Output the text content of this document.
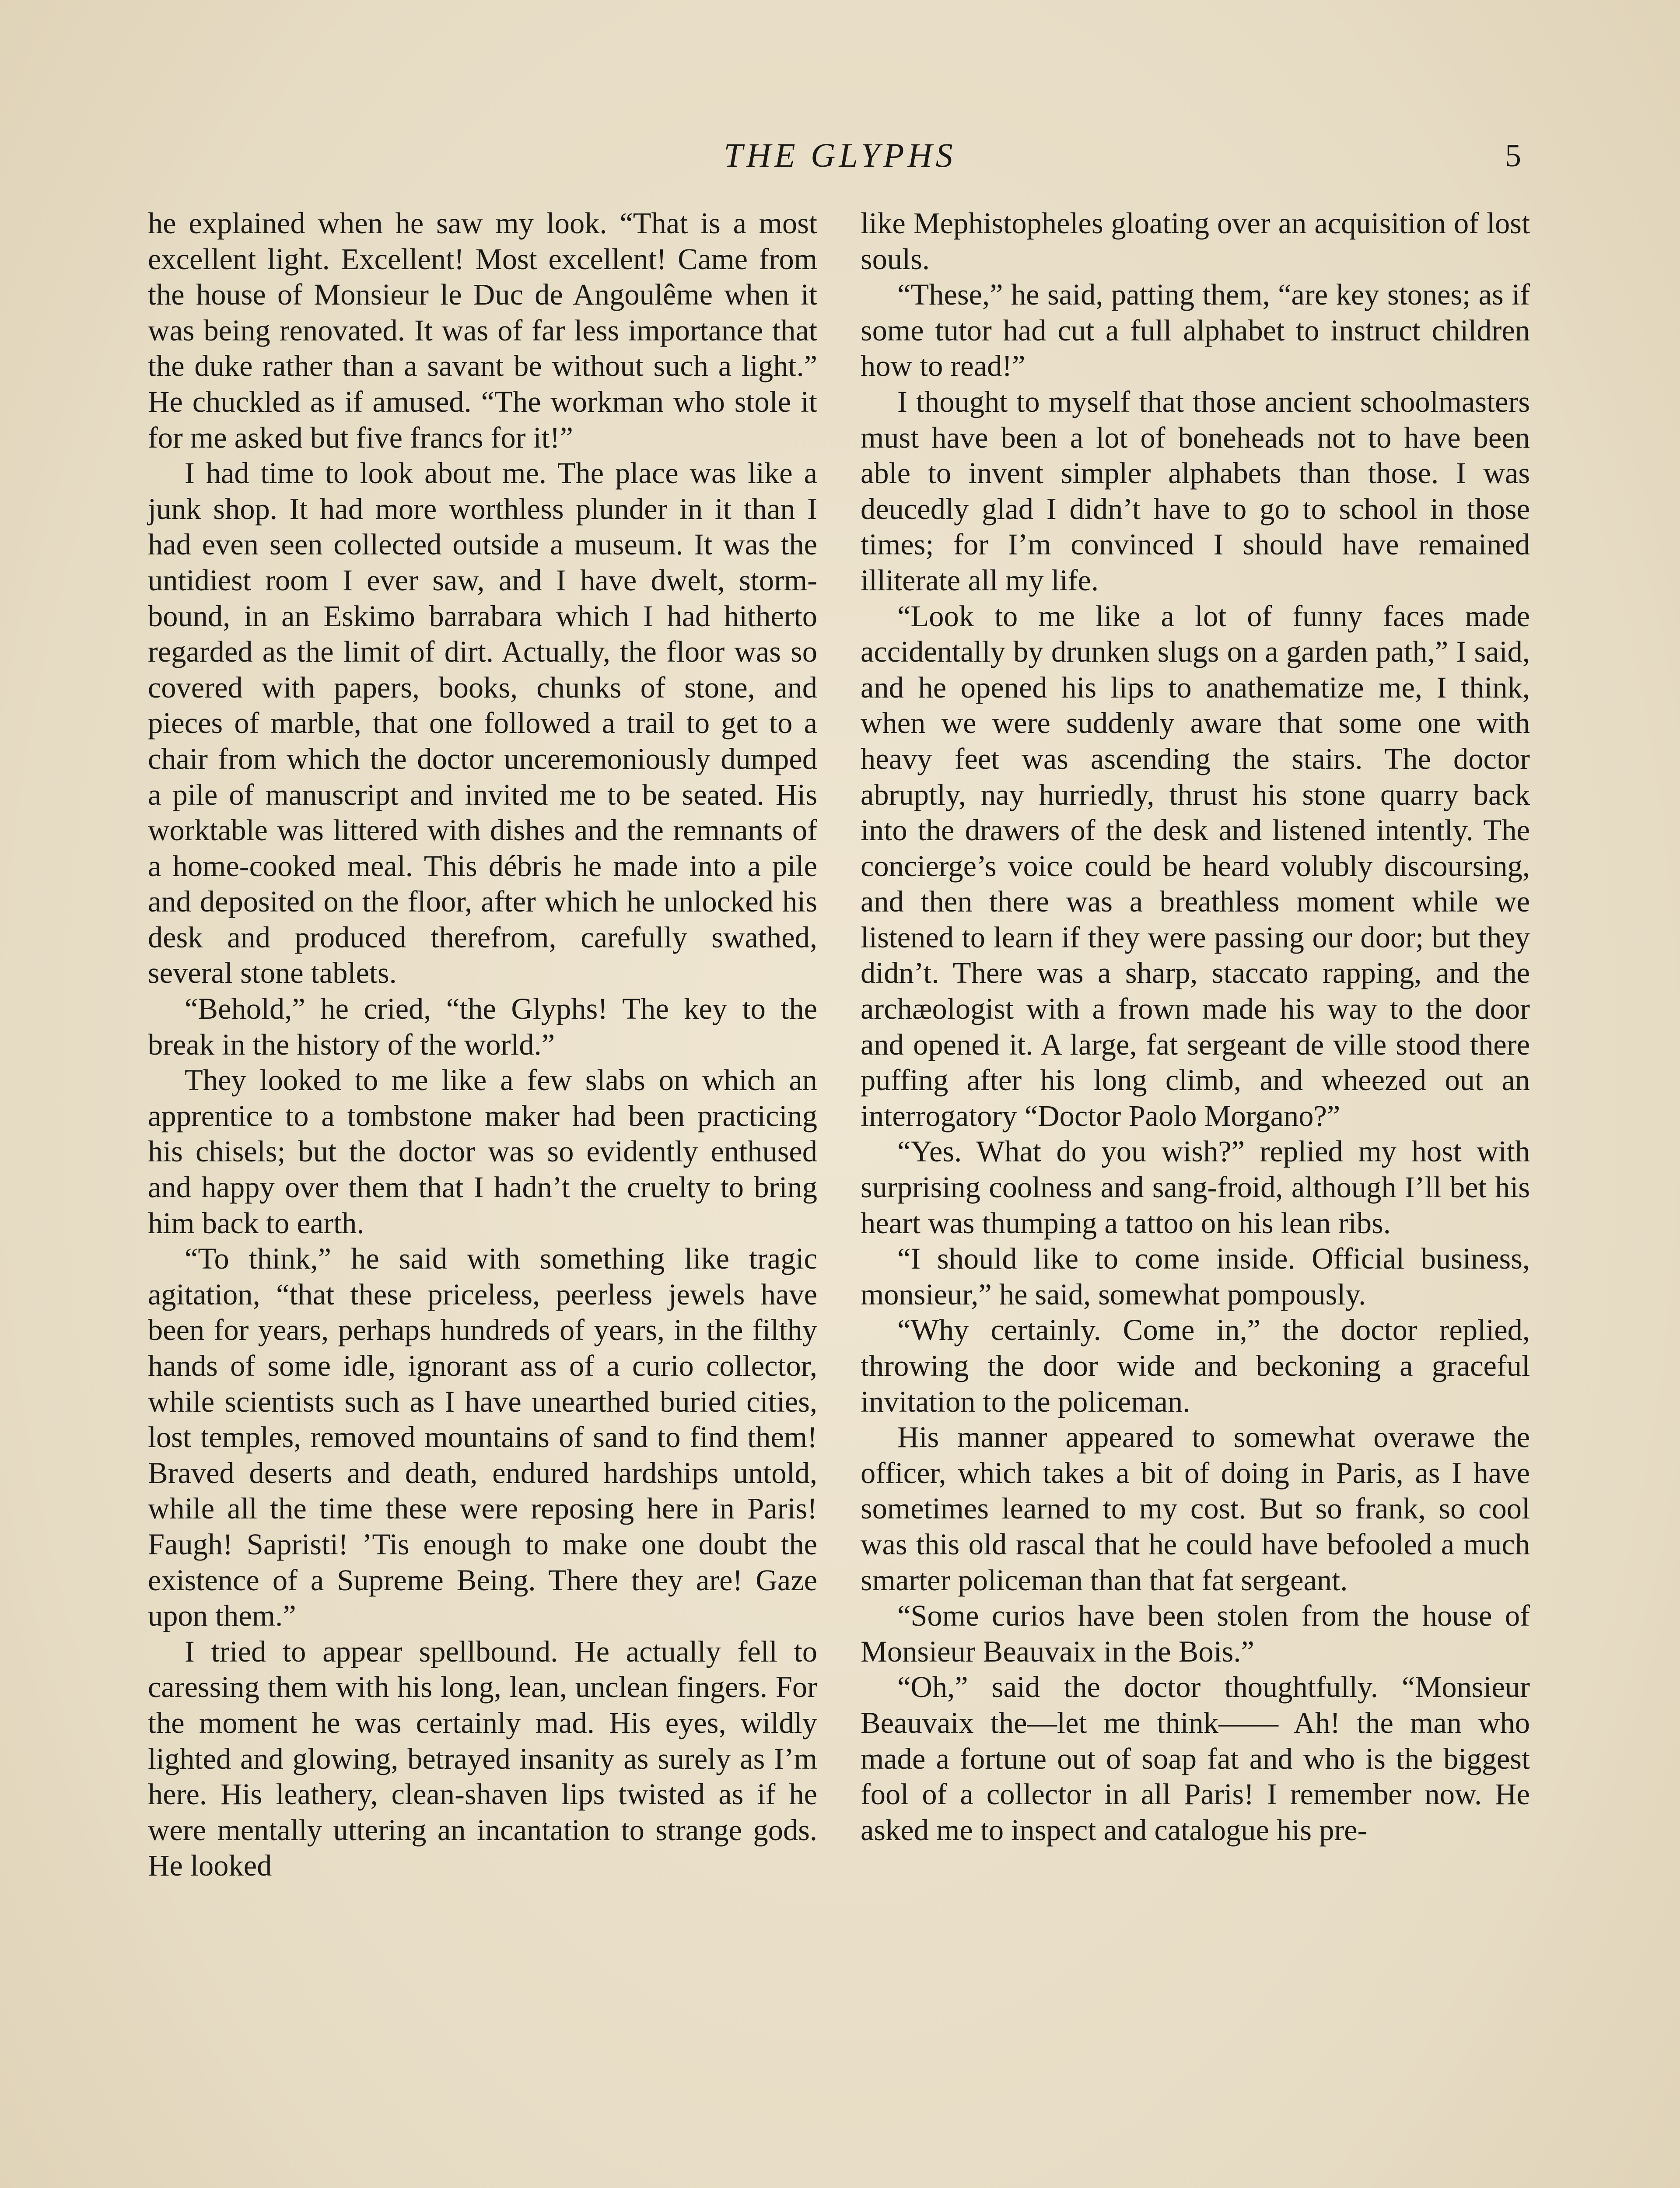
THE GLYPHS	5

he explained when he saw my look. “That is a most excellent light. Excellent! Most excellent! Came from the house of Monsieur le Duc de Angoulême when it was being renovated. It was of far less importance that the duke rather than a savant be without such a light.” He chuckled as if amused. “The workman who stole it for me asked but five francs for it!”

I had time to look about me. The place was like a junk shop. It had more worthless plunder in it than I had even seen collected outside a museum. It was the untidiest room I ever saw, and I have dwelt, storm-bound, in an Eskimo barrabara which I had hitherto regarded as the limit of dirt. Actually, the floor was so covered with papers, books, chunks of stone, and pieces of marble, that one followed a trail to get to a chair from which the doctor unceremoniously dumped a pile of manuscript and invited me to be seated. His worktable was littered with dishes and the remnants of a home-cooked meal. This débris he made into a pile and deposited on the floor, after which he unlocked his desk and produced therefrom, carefully swathed, several stone tablets.

“Behold,” he cried, “the Glyphs! The key to the break in the history of the world.”

They looked to me like a few slabs on which an apprentice to a tombstone maker had been practicing his chisels; but the doctor was so evidently enthused and happy over them that I hadn’t the cruelty to bring him back to earth.

“To think,” he said with something like tragic agitation, “that these priceless, peerless jewels have been for years, perhaps hundreds of years, in the filthy hands of some idle, ignorant ass of a curio collector, while scientists such as I have unearthed buried cities, lost temples, removed mountains of sand to find them! Braved deserts and death, endured hardships untold, while all the time these were reposing here in Paris! Faugh! Sapristi! ’Tis enough to make one doubt the existence of a Supreme Being. There they are! Gaze upon them.”

I tried to appear spellbound. He actually fell to caressing them with his long, lean, unclean fingers. For the moment he was certainly mad. His eyes, wildly lighted and glowing, betrayed insanity as surely as I’m here. His leathery, clean-shaven lips twisted as if he were mentally uttering an incantation to strange gods. He looked

like Mephistopheles gloating over an acquisition of lost souls.

“These,” he said, patting them, “are key stones; as if some tutor had cut a full alphabet to instruct children how to read!”

I thought to myself that those ancient schoolmasters must have been a lot of boneheads not to have been able to invent simpler alphabets than those. I was deucedly glad I didn’t have to go to school in those times; for I’m convinced I should have remained illiterate all my life.

“Look to me like a lot of funny faces made accidentally by drunken slugs on a garden path,” I said, and he opened his lips to anathematize me, I think, when we were suddenly aware that some one with heavy feet was ascending the stairs. The doctor abruptly, nay hurriedly, thrust his stone quarry back into the drawers of the desk and listened intently. The concierge’s voice could be heard volubly discoursing, and then there was a breathless moment while we listened to learn if they were passing our door; but they didn’t. There was a sharp, staccato rapping, and the archæologist with a frown made his way to the door and opened it. A large, fat sergeant de ville stood there puffing after his long climb, and wheezed out an interrogatory “Doctor Paolo Morgano?”

“Yes. What do you wish?” replied my host with surprising coolness and sang-froid, although I’ll bet his heart was thumping a tattoo on his lean ribs.

“I should like to come inside. Official business, monsieur,” he said, somewhat pompously.

“Why certainly. Come in,” the doctor replied, throwing the door wide and beckoning a graceful invitation to the policeman.

His manner appeared to somewhat overawe the officer, which takes a bit of doing in Paris, as I have sometimes learned to my cost. But so frank, so cool was this old rascal that he could have befooled a much smarter policeman than that fat sergeant.

“Some curios have been stolen from the house of Monsieur Beauvaix in the Bois.”

“Oh,” said the doctor thoughtfully. “Monsieur Beauvaix the—let me think—— Ah! the man who made a fortune out of soap fat and who is the biggest fool of a collector in all Paris! I remember now. He asked me to inspect and catalogue his pre-
